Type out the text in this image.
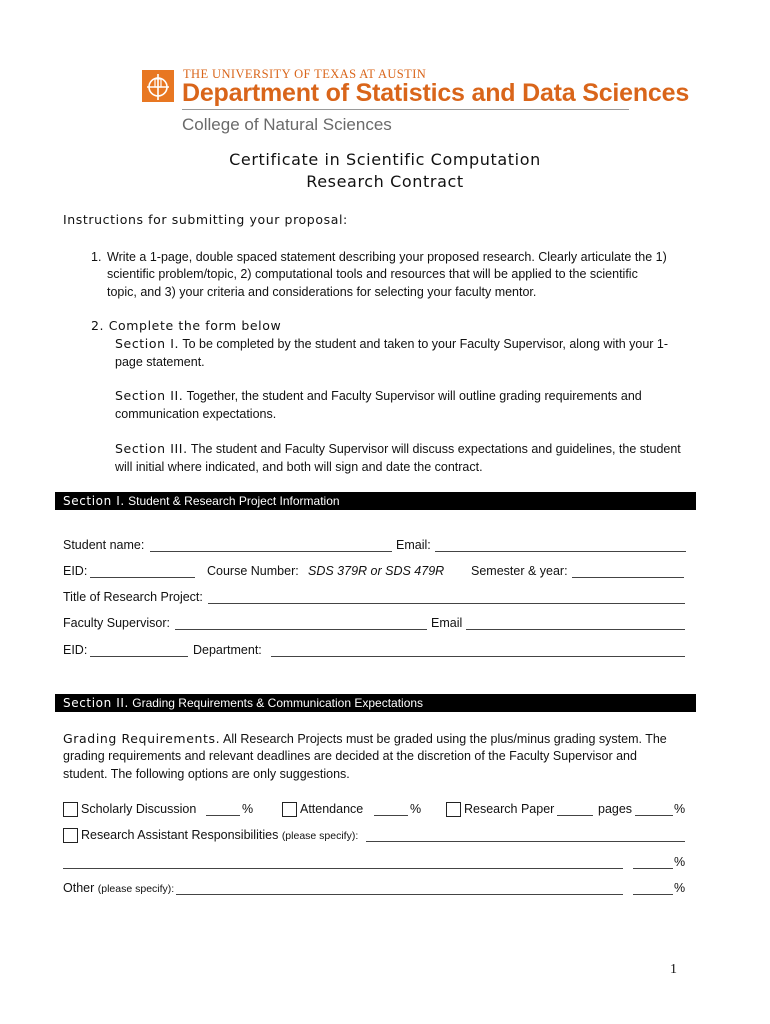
THE UNIVERSITY OF TEXAS AT AUSTIN
Department of Statistics and Data Sciences
College of Natural Sciences
Certificate in Scientific Computation
Research Contract
Instructions for submitting your proposal:
1. Write a 1-page, double spaced statement describing your proposed research. Clearly articulate the 1)
scientific problem/topic, 2) computational tools and resources that will be applied to the scientific
topic, and 3) your criteria and considerations for selecting your faculty mentor.
2. Complete the form below
Section I. To be completed by the student and taken to your Faculty Supervisor, along with your 1-
page statement.
Section II. Together, the student and Faculty Supervisor will outline grading requirements and
communication expectations.
Section III. The student and Faculty Supervisor will discuss expectations and guidelines, the student
will initial where indicated, and both will sign and date the contract.
Section I. Student & Research Project Information
Student name:	Email:
EID:	Course Number: SDS 379R or SDS 479R Semester & year:
Title of Research Project:
Faculty Supervisor:	Email
EID:	Department:
Section II. Grading Requirements & Communication Expectations
Grading Requirements. All Research Projects must be graded using the plus/minus grading system. The
grading requirements and relevant deadlines are decided at the discretion of the Faculty Supervisor and
student. The following options are only suggestions.
Scholarly Discussion	%	Attendance	%	Research Paper	pages	%
Research Assistant Responsibilities (please specify):
%
Other (please specify):	%
1
